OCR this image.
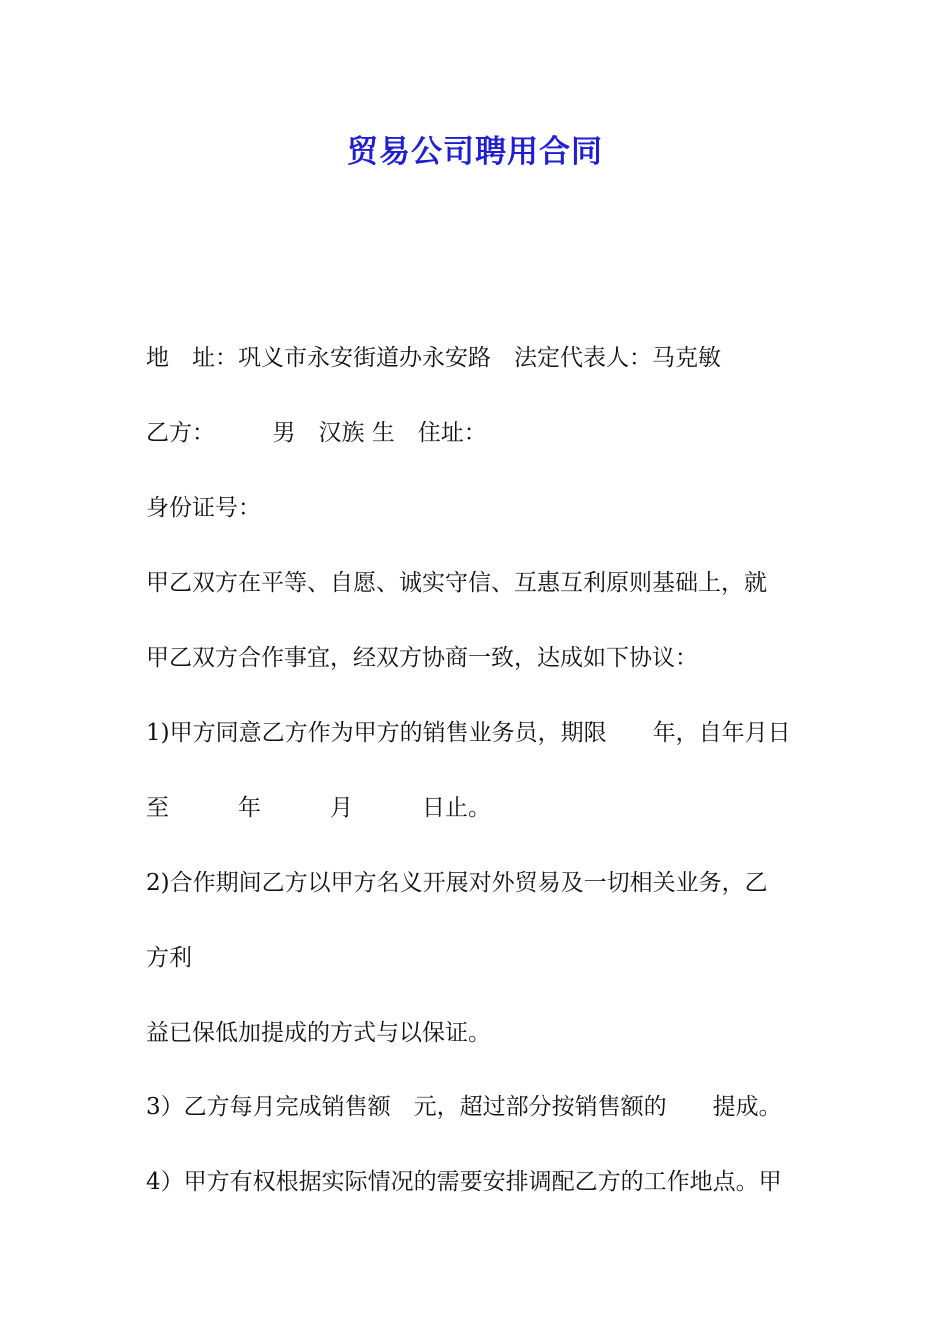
贸易公司聘用合同

地　址：巩义市永安街道办永安路　法定代表人：马克敏

乙方：　　　男　汉族 生　住址：

身份证号：

甲乙双方在平等、自愿、诚实守信、互惠互利原则基础上，就

甲乙双方合作事宜，经双方协商一致，达成如下协议：

1)甲方同意乙方作为甲方的销售业务员，期限　　年，自年月日

至　　　年　　　月　　　日止。

2)合作期间乙方以甲方名义开展对外贸易及一切相关业务，乙

方利

益已保低加提成的方式与以保证。

3）乙方每月完成销售额　元，超过部分按销售额的　　提成。

4）甲方有权根据实际情况的需要安排调配乙方的工作地点。甲
